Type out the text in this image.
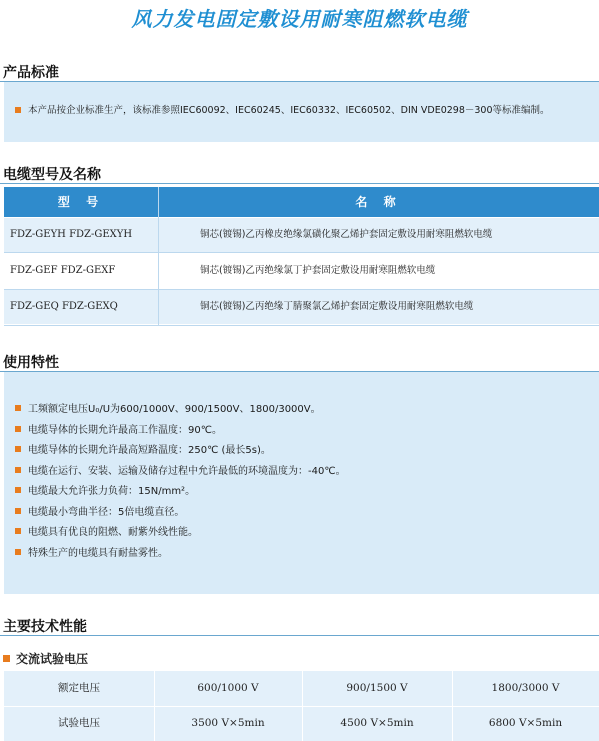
风力发电固定敷设用耐寒阻燃软电缆
产品标准
本产品按企业标准生产，该标准参照IEC60092、IEC60245、IEC60332、IEC60502、DIN VDE0298－300等标准编制。
电缆型号及名称
型 号	名 称
FDZ-GEYH FDZ-GEXYH	铜芯(镀锡)乙丙橡皮绝缘氯磺化聚乙烯护套固定敷设用耐寒阻燃软电缆
FDZ-GEF FDZ-GEXF	铜芯(镀锡)乙丙绝缘氯丁护套固定敷设用耐寒阻燃软电缆
FDZ-GEQ FDZ-GEXQ	铜芯(镀锡)乙丙绝缘丁腈聚氯乙烯护套固定敷设用耐寒阻燃软电缆
使用特性
工频额定电压U₀/U为600/1000V、900/1500V、1800/3000V。
电缆导体的长期允许最高工作温度：90℃。
电缆导体的长期允许最高短路温度：250℃ (最长5s)。
电缆在运行、安装、运输及储存过程中允许最低的环境温度为：-40℃。
电缆最大允许张力负荷：15N/mm²。
电缆最小弯曲半径：5倍电缆直径。
电缆具有优良的阻燃、耐紫外线性能。
特殊生产的电缆具有耐盐雾性。
主要技术性能
交流试验电压
额定电压	600/1000 V	900/1500 V	1800/3000 V
试验电压	3500 V×5min	4500 V×5min	6800 V×5min
